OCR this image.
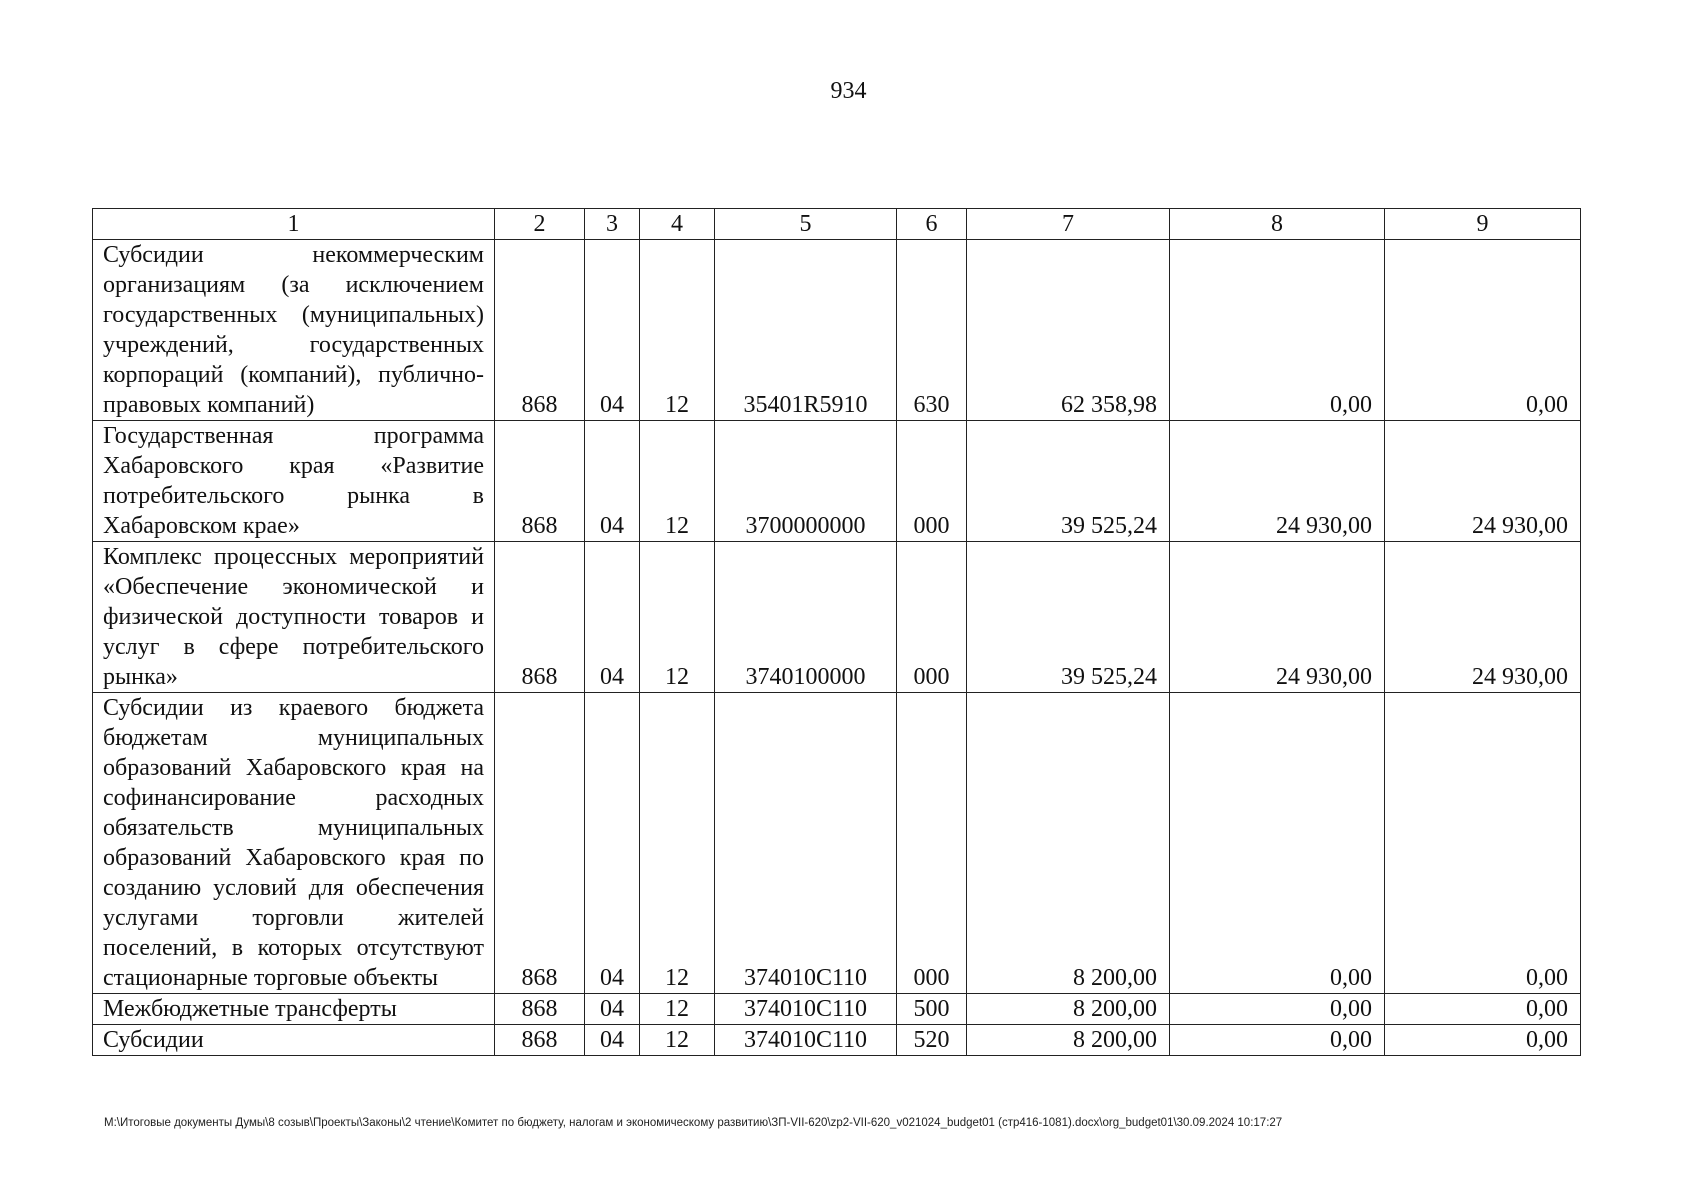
934
1	2	3	4	5	6	7	8	9
Субсидии некоммерческим организациям (за исключением государственных (муниципальных) учреждений, государственных корпораций (компаний), публично-правовых компаний)	868	04	12	35401R5910	630	62 358,98	0,00	0,00
Государственная программа Хабаровского края «Развитие потребительского рынка в Хабаровском крае»	868	04	12	3700000000	000	39 525,24	24 930,00	24 930,00
Комплекс процессных мероприятий «Обеспечение экономической и физической доступности товаров и услуг в сфере потребительского рынка»	868	04	12	3740100000	000	39 525,24	24 930,00	24 930,00
Субсидии из краевого бюджета бюджетам муниципальных образований Хабаровского края на софинансирование расходных обязательств муниципальных образований Хабаровского края по созданию условий для обеспечения услугами торговли жителей поселений, в которых отсутствуют стационарные торговые объекты	868	04	12	374010С110	000	8 200,00	0,00	0,00
Межбюджетные трансферты	868	04	12	374010С110	500	8 200,00	0,00	0,00
Субсидии	868	04	12	374010С110	520	8 200,00	0,00	0,00
М:\Итоговые документы Думы\8 созыв\Проекты\Законы\2 чтение\Комитет по бюджету, налогам и экономическому развитию\ЗП-VII-620\zp2-VII-620_v021024_budget01 (стр416-1081).docx\org_budget01\30.09.2024 10:17:27
